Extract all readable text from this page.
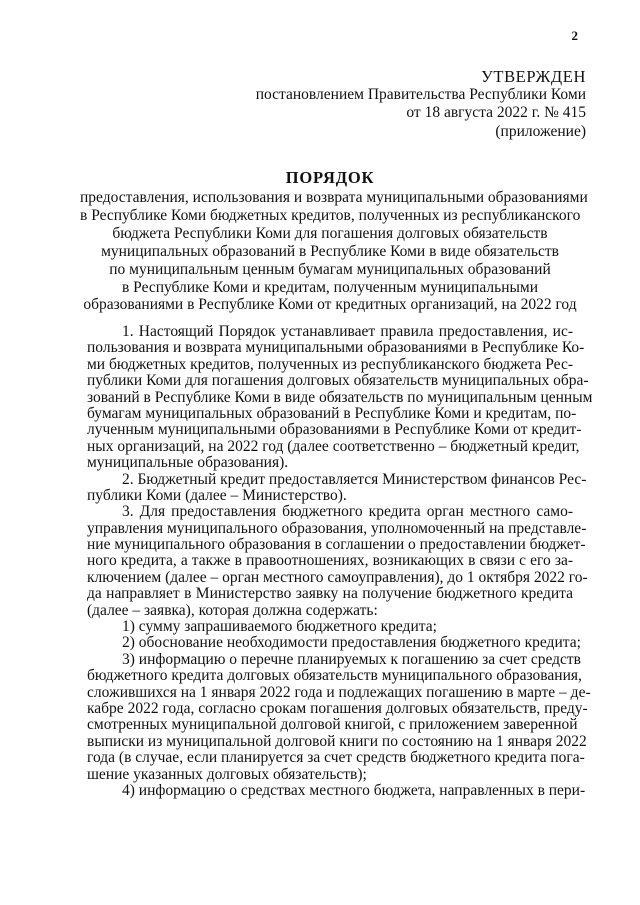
2
УТВЕРЖДЕН
постановлением Правительства Республики Коми
от 18 августа 2022 г. № 415
(приложение)
ПОРЯДОК
предоставления, использования и возврата муниципальными образованиями
в Республике Коми бюджетных кредитов, полученных из республиканского
бюджета Республики Коми для погашения долговых обязательств
муниципальных образований в Республике Коми в виде обязательств
по муниципальным ценным бумагам муниципальных образований
в Республике Коми и кредитам, полученным муниципальными
образованиями в Республике Коми от кредитных организаций, на 2022 год
1. Настоящий Порядок устанавливает правила предоставления, ис-
пользования и возврата муниципальными образованиями в Республике Ко-
ми бюджетных кредитов, полученных из республиканского бюджета Рес-
публики Коми для погашения долговых обязательств муниципальных обра-
зований в Республике Коми в виде обязательств по муниципальным ценным
бумагам муниципальных образований в Республике Коми и кредитам, по-
лученным муниципальными образованиями в Республике Коми от кредит-
ных организаций, на 2022 год (далее соответственно – бюджетный кредит,
муниципальные образования).
2. Бюджетный кредит предоставляется Министерством финансов Рес-
публики Коми (далее – Министерство).
3. Для предоставления бюджетного кредита орган местного само-
управления муниципального образования, уполномоченный на представле-
ние муниципального образования в соглашении о предоставлении бюджет-
ного кредита, а также в правоотношениях, возникающих в связи с его за-
ключением (далее – орган местного самоуправления), до 1 октября 2022 го-
да направляет в Министерство заявку на получение бюджетного кредита
(далее – заявка), которая должна содержать:
1) сумму запрашиваемого бюджетного кредита;
2) обоснование необходимости предоставления бюджетного кредита;
3) информацию о перечне планируемых к погашению за счет средств
бюджетного кредита долговых обязательств муниципального образования,
сложившихся на 1 января 2022 года и подлежащих погашению в марте – де-
кабре 2022 года, согласно срокам погашения долговых обязательств, преду-
смотренных муниципальной долговой книгой, с приложением заверенной
выписки из муниципальной долговой книги по состоянию на 1 января 2022
года (в случае, если планируется за счет средств бюджетного кредита пога-
шение указанных долговых обязательств);
4) информацию о средствах местного бюджета, направленных в пери-
